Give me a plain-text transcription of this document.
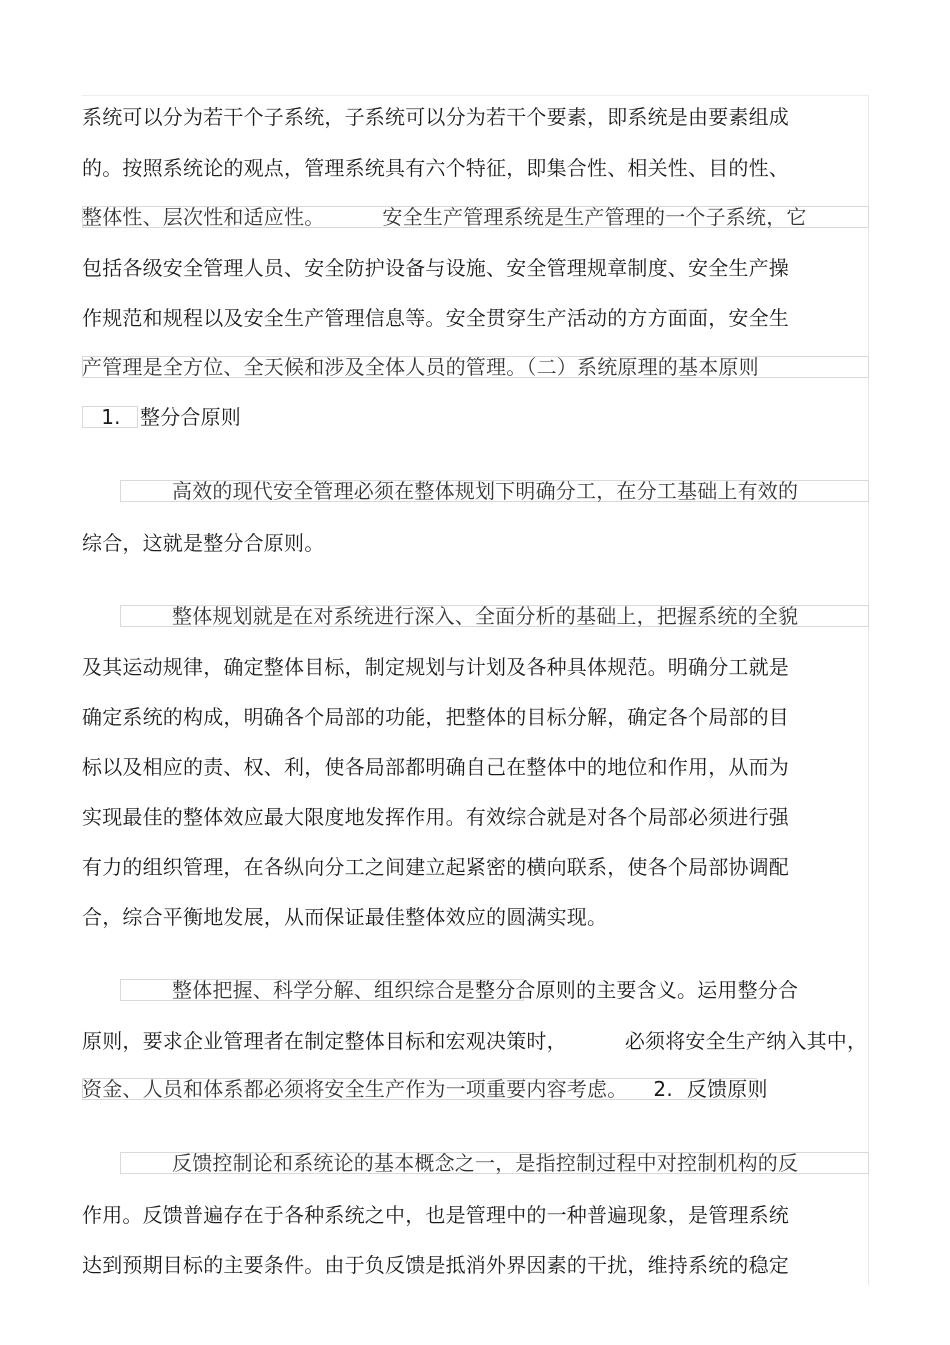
系统可以分为若干个子系统，子系统可以分为若干个要素，即系统是由要素组成
的。按照系统论的观点，管理系统具有六个特征，即集合性、相关性、目的性、
整体性、层次性和适应性。	安全生产管理系统是生产管理的一个子系统，它
包括各级安全管理人员、安全防护设备与设施、安全管理规章制度、安全生产操
作规范和规程以及安全生产管理信息等。安全贯穿生产活动的方方面面，安全生
产管理是全方位、全天候和涉及全体人员的管理。（二）系统原理的基本原则
1. 整分合原则
高效的现代安全管理必须在整体规划下明确分工，在分工基础上有效的
综合，这就是整分合原则。
整体规划就是在对系统进行深入、全面分析的基础上，把握系统的全貌
及其运动规律，确定整体目标，制定规划与计划及各种具体规范。明确分工就是
确定系统的构成，明确各个局部的功能，把整体的目标分解，确定各个局部的目
标以及相应的责、权、利，使各局部都明确自己在整体中的地位和作用，从而为
实现最佳的整体效应最大限度地发挥作用。有效综合就是对各个局部必须进行强
有力的组织管理，在各纵向分工之间建立起紧密的横向联系，使各个局部协调配
合，综合平衡地发展，从而保证最佳整体效应的圆满实现。
整体把握、科学分解、组织综合是整分合原则的主要含义。运用整分合
原则，要求企业管理者在制定整体目标和宏观决策时，	必须将安全生产纳入其中，
资金、人员和体系都必须将安全生产作为一项重要内容考虑。 2. 反馈原则
反馈控制论和系统论的基本概念之一，是指控制过程中对控制机构的反
作用。反馈普遍存在于各种系统之中，也是管理中的一种普遍现象，是管理系统
达到预期目标的主要条件。由于负反馈是抵消外界因素的干扰，维持系统的稳定
